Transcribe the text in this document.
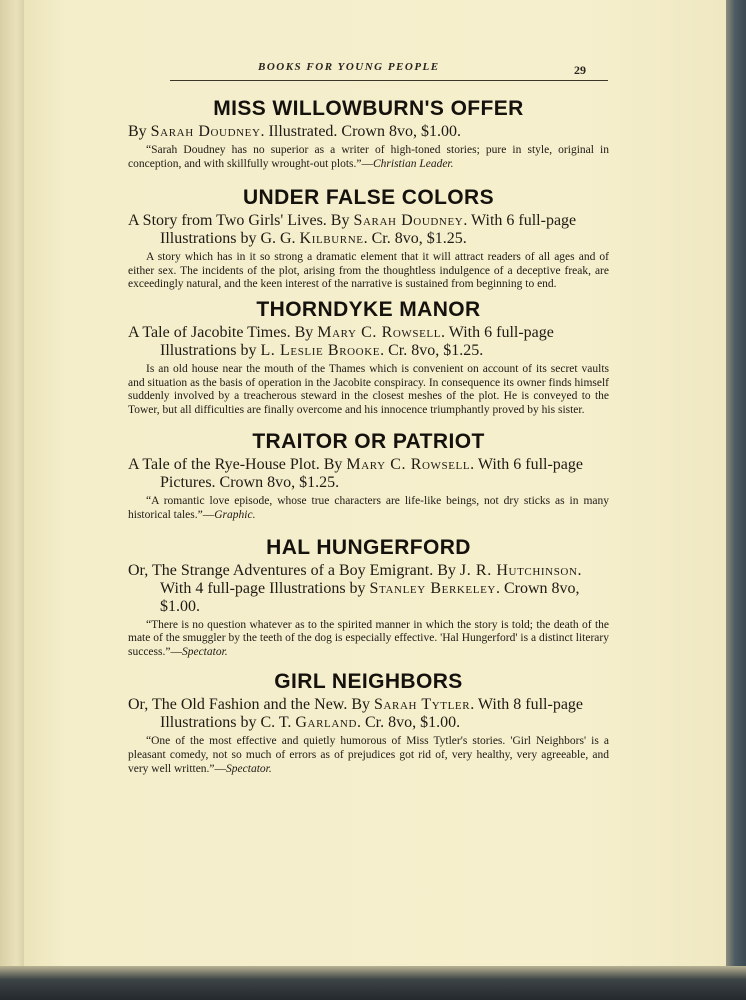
BOOKS FOR YOUNG PEOPLE	29
MISS WILLOWBURN'S OFFER

By Sarah Doudney. Illustrated. Crown 8vo, $1.00.

“Sarah Doudney has no superior as a writer of high-toned stories; pure in style, original in conception, and with skillfully wrought-out plots.”—Christian Leader.

UNDER FALSE COLORS

A Story from Two Girls' Lives. By Sarah Doudney. With 6 full-page Illustrations by G. G. Kilburne. Cr. 8vo, $1.25.

A story which has in it so strong a dramatic element that it will attract readers of all ages and of either sex. The incidents of the plot, arising from the thoughtless indulgence of a deceptive freak, are exceedingly natural, and the keen interest of the narrative is sustained from beginning to end.

THORNDYKE MANOR

A Tale of Jacobite Times. By Mary C. Rowsell. With 6 full-page Illustrations by L. Leslie Brooke. Cr. 8vo, $1.25.

Is an old house near the mouth of the Thames which is convenient on account of its secret vaults and situation as the basis of operation in the Jacobite conspiracy. In consequence its owner finds himself suddenly involved by a treacherous steward in the closest meshes of the plot. He is conveyed to the Tower, but all difficulties are finally overcome and his innocence triumphantly proved by his sister.

TRAITOR OR PATRIOT

A Tale of the Rye-House Plot. By Mary C. Rowsell. With 6 full-page Pictures. Crown 8vo, $1.25.

“A romantic love episode, whose true characters are life-like beings, not dry sticks as in many historical tales.”—Graphic.

HAL HUNGERFORD

Or, The Strange Adventures of a Boy Emigrant. By J. R. Hutchinson. With 4 full-page Illustrations by Stanley Berkeley. Crown 8vo, $1.00.

“There is no question whatever as to the spirited manner in which the story is told; the death of the mate of the smuggler by the teeth of the dog is especially effective. 'Hal Hungerford' is a distinct literary success.”—Spectator.

GIRL NEIGHBORS

Or, The Old Fashion and the New. By Sarah Tytler. With 8 full-page Illustrations by C. T. Garland. Cr. 8vo, $1.00.

“One of the most effective and quietly humorous of Miss Tytler's stories. 'Girl Neighbors' is a pleasant comedy, not so much of errors as of prejudices got rid of, very healthy, very agreeable, and very well written.”—Spectator.
